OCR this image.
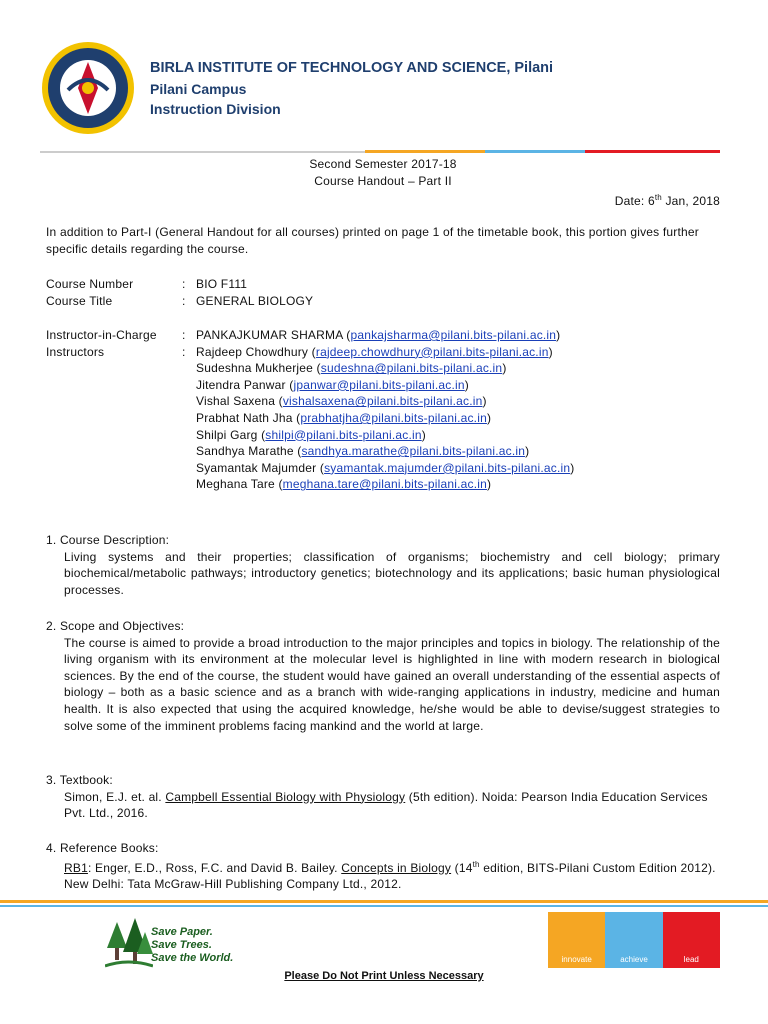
BIRLA INSTITUTE OF TECHNOLOGY AND SCIENCE, Pilani
Pilani Campus
Instruction Division
Second Semester 2017-18
Course Handout – Part II
Date: 6th Jan, 2018
In addition to Part-I (General Handout for all courses) printed on page 1 of the timetable book, this portion gives further specific details regarding the course.
Course Number	: BIO F111
Course Title	: GENERAL BIOLOGY
Instructor-in-Charge	: PANKAJKUMAR SHARMA (pankajsharma@pilani.bits-pilani.ac.in)
Instructors	: Rajdeep Chowdhury (rajdeep.chowdhury@pilani.bits-pilani.ac.in)
Sudeshna Mukherjee (sudeshna@pilani.bits-pilani.ac.in)
Jitendra Panwar (jpanwar@pilani.bits-pilani.ac.in)
Vishal Saxena (vishalsaxena@pilani.bits-pilani.ac.in)
Prabhat Nath Jha (prabhatjha@pilani.bits-pilani.ac.in)
Shilpi Garg (shilpi@pilani.bits-pilani.ac.in)
Sandhya Marathe (sandhya.marathe@pilani.bits-pilani.ac.in)
Syamantak Majumder (syamantak.majumder@pilani.bits-pilani.ac.in)
Meghana Tare (meghana.tare@pilani.bits-pilani.ac.in)
1. Course Description:
Living systems and their properties; classification of organisms; biochemistry and cell biology; primary biochemical/metabolic pathways; introductory genetics; biotechnology and its applications; basic human physiological processes.
2. Scope and Objectives:
The course is aimed to provide a broad introduction to the major principles and topics in biology. The relationship of the living organism with its environment at the molecular level is highlighted in line with modern research in biological sciences. By the end of the course, the student would have gained an overall understanding of the essential aspects of biology – both as a basic science and as a branch with wide-ranging applications in industry, medicine and human health. It is also expected that using the acquired knowledge, he/she would be able to devise/suggest strategies to solve some of the imminent problems facing mankind and the world at large.
3. Textbook:
Simon, E.J. et. al. Campbell Essential Biology with Physiology (5th edition). Noida: Pearson India Education Services Pvt. Ltd., 2016.
4. Reference Books:
RB1: Enger, E.D., Ross, F.C. and David B. Bailey. Concepts in Biology (14th edition, BITS-Pilani Custom Edition 2012). New Delhi: Tata McGraw-Hill Publishing Company Ltd., 2012.
Save Paper.
Save Trees.
Save the World.	innovate	achieve	lead
Please Do Not Print Unless Necessary
